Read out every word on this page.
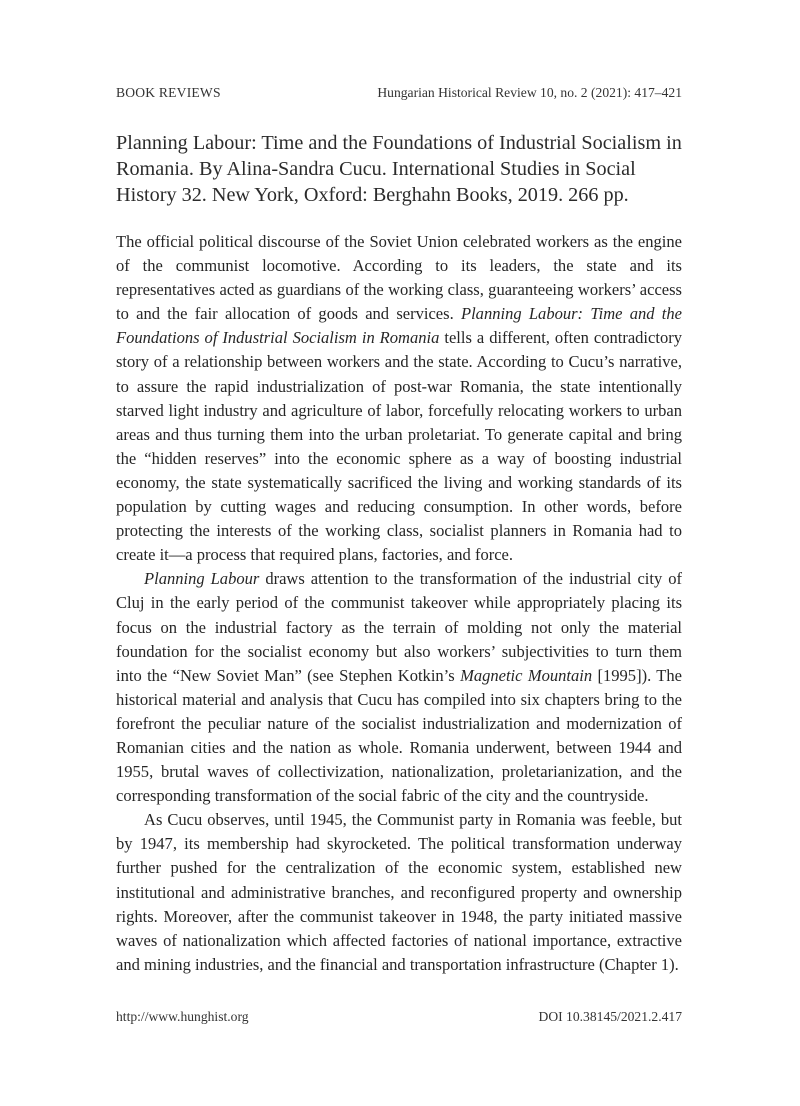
BOOK REVIEWS	Hungarian Historical Review 10, no. 2 (2021): 417–421
Planning Labour: Time and the Foundations of Industrial Socialism in Romania. By Alina-Sandra Cucu. International Studies in Social History 32. New York, Oxford: Berghahn Books, 2019. 266 pp.

The official political discourse of the Soviet Union celebrated workers as the engine of the communist locomotive. According to its leaders, the state and its representatives acted as guardians of the working class, guaranteeing workers’ access to and the fair allocation of goods and services. Planning Labour: Time and the Foundations of Industrial Socialism in Romania tells a different, often contradictory story of a relationship between workers and the state. According to Cucu’s narrative, to assure the rapid industrialization of post-war Romania, the state intentionally starved light industry and agriculture of labor, forcefully relocating workers to urban areas and thus turning them into the urban proletariat. To generate capital and bring the “hidden reserves” into the economic sphere as a way of boosting industrial economy, the state systematically sacrificed the living and working standards of its population by cutting wages and reducing consumption. In other words, before protecting the interests of the working class, socialist planners in Romania had to create it—a process that required plans, factories, and force.

Planning Labour draws attention to the transformation of the industrial city of Cluj in the early period of the communist takeover while appropriately placing its focus on the industrial factory as the terrain of molding not only the material foundation for the socialist economy but also workers’ subjectivities to turn them into the “New Soviet Man” (see Stephen Kotkin’s Magnetic Mountain [1995]). The historical material and analysis that Cucu has compiled into six chapters bring to the forefront the peculiar nature of the socialist industrialization and modernization of Romanian cities and the nation as whole. Romania underwent, between 1944 and 1955, brutal waves of collectivization, nationalization, proletarianization, and the corresponding transformation of the social fabric of the city and the countryside.

As Cucu observes, until 1945, the Communist party in Romania was feeble, but by 1947, its membership had skyrocketed. The political transformation underway further pushed for the centralization of the economic system, established new institutional and administrative branches, and reconfigured property and ownership rights. Moreover, after the communist takeover in 1948, the party initiated massive waves of nationalization which affected factories of national importance, extractive and mining industries, and the financial and transportation infrastructure (Chapter 1).

http://www.hunghist.org	DOI 10.38145/2021.2.417
